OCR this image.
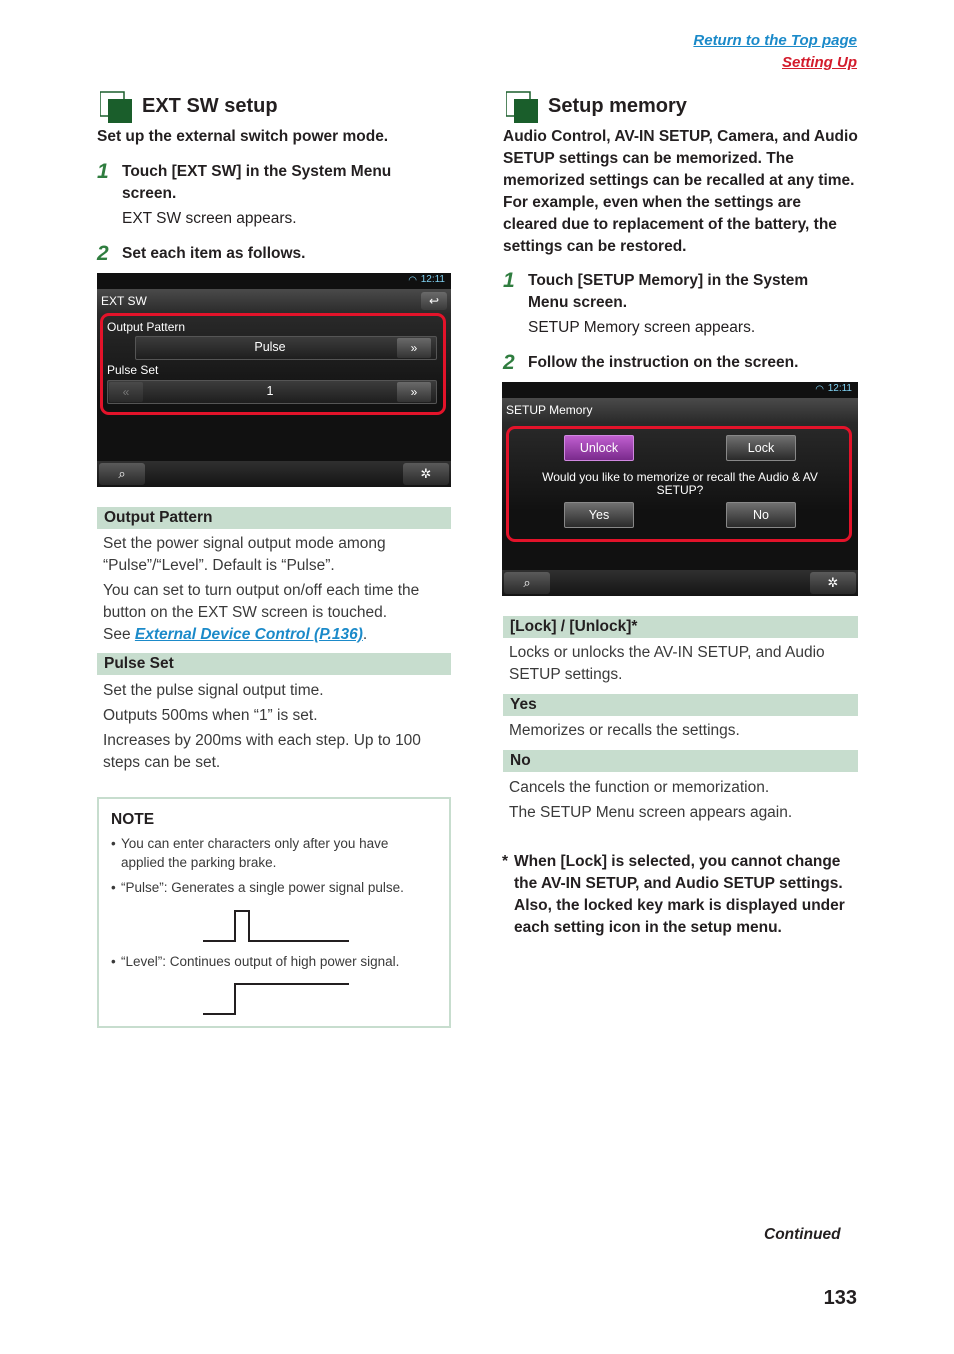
Return to the Top page
Setting Up
EXT SW setup
Set up the external switch power mode.
1 Touch [EXT SW] in the System Menu screen.
EXT SW screen appears.
2 Set each item as follows.
◠ 12:11
EXT SW	↩
Output Pattern
Pulse	»
Pulse Set
«	1	»
⌕	✲
Output Pattern
Set the power signal output mode among “Pulse”/“Level”. Default is “Pulse”.
You can set to turn output on/off each time the button on the EXT SW screen is touched.
See External Device Control (P.136).
Pulse Set
Set the pulse signal output time.
Outputs 500ms when “1” is set.
Increases by 200ms with each step. Up to 100 steps can be set.
NOTE
• You can enter characters only after you have applied the parking brake.
• “Pulse”: Generates a single power signal pulse.
• “Level”: Continues output of high power signal.
Setup memory
Audio Control, AV-IN SETUP, Camera, and Audio SETUP settings can be memorized. The memorized settings can be recalled at any time. For example, even when the settings are cleared due to replacement of the battery, the settings can be restored.
1 Touch [SETUP Memory] in the System Menu screen.
SETUP Memory screen appears.
2 Follow the instruction on the screen.
◠ 12:11
SETUP Memory
Unlock	Lock
Would you like to memorize or recall the Audio & AV SETUP?
Yes	No
⌕	✲
[Lock] / [Unlock]*
Locks or unlocks the AV-IN SETUP, and Audio SETUP settings.
Yes
Memorizes or recalls the settings.
No
Cancels the function or memorization.
The SETUP Menu screen appears again.
* When [Lock] is selected, you cannot change the AV-IN SETUP, and Audio SETUP settings. Also, the locked key mark is displayed under each setting icon in the setup menu.
Continued
133
